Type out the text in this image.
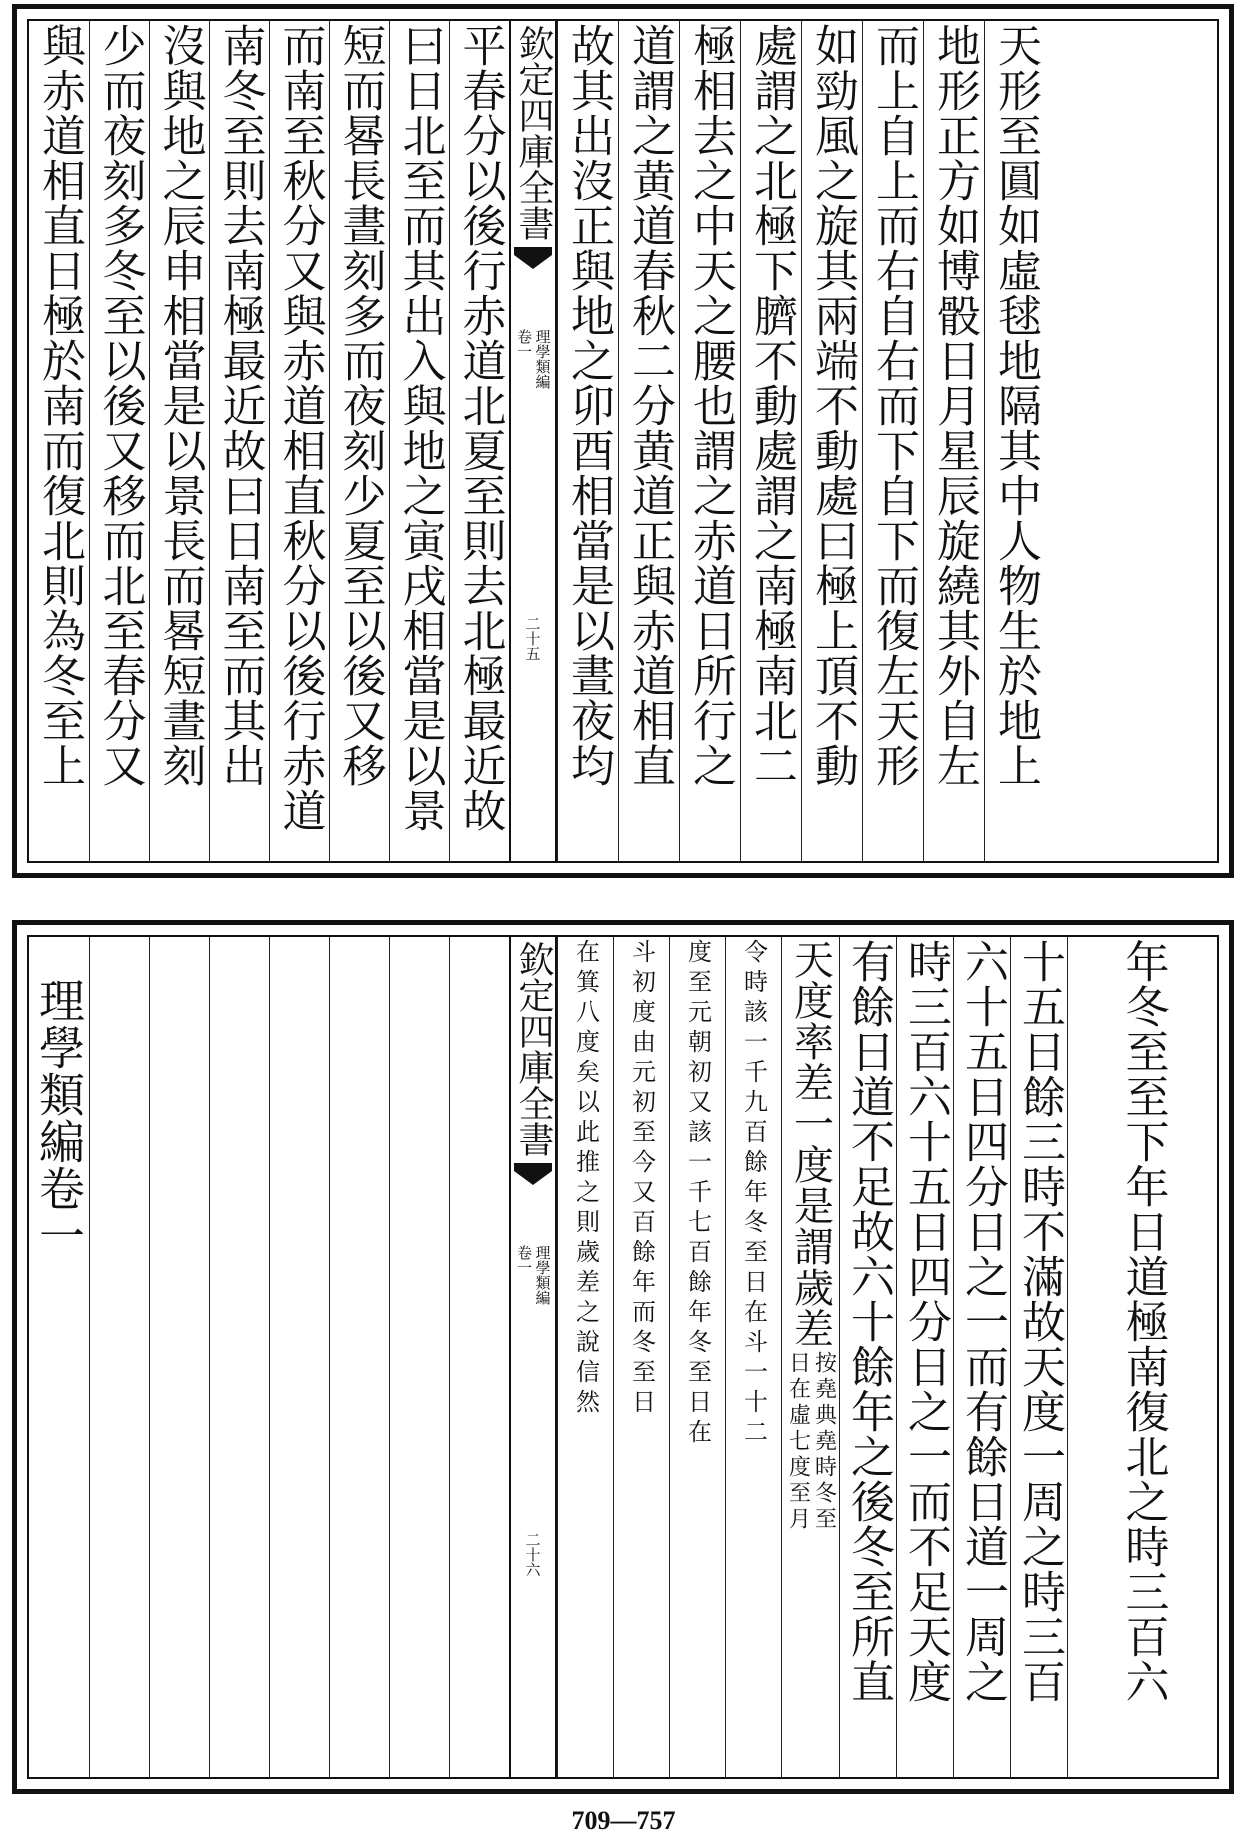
與赤道相直日極於南而復北則為冬至上 少而夜刻多冬至以後又移而北至春分又 沒與地之辰申相當是以景長而晷短晝刻 南冬至則去南極最近故曰日南至而其出 而南至秋分又與赤道相直秋分以後行赤道 短而晷長晝刻多而夜刻少夏至以後又移 曰日北至而其出入與地之寅戌相當是以景 平春分以後行赤道北夏至則去北極最近故 欽定四庫全書
理學類編
卷一
二十五 故其出沒正與地之卯酉相當是以晝夜均 道謂之黄道春秋二分黄道正與赤道相直 極相去之中天之腰也謂之赤道日所行之 處謂之北極下臍不動處謂之南極南北二 如勁風之旋其兩端不動處曰極上頂不動 而上自上而右自右而下自下而復左天形 地形正方如博骰日月星辰旋繞其外自左 天形至圓如虛毬地隔其中人物生於地上
理學類編卷一	欽定四庫全書
理學類編
卷一
二十六
在箕八度矣以此推之則歲差之說信然 斗初度由元初至今又百餘年而冬至日 度至元朝初又該一千七百餘年冬至日在 令時該一千九百餘年冬至日在斗一十二 天度率差一度是謂歲差
按堯典堯時冬至
日在虛七度至月 有餘日道不足故六十餘年之後冬至所直 時三百六十五日四分日之一而不足天度 六十五日四分日之一而有餘日道一周之 十五日餘三時不滿故天度一周之時三百 年冬至至下年日道極南復北之時三百六
709—757
